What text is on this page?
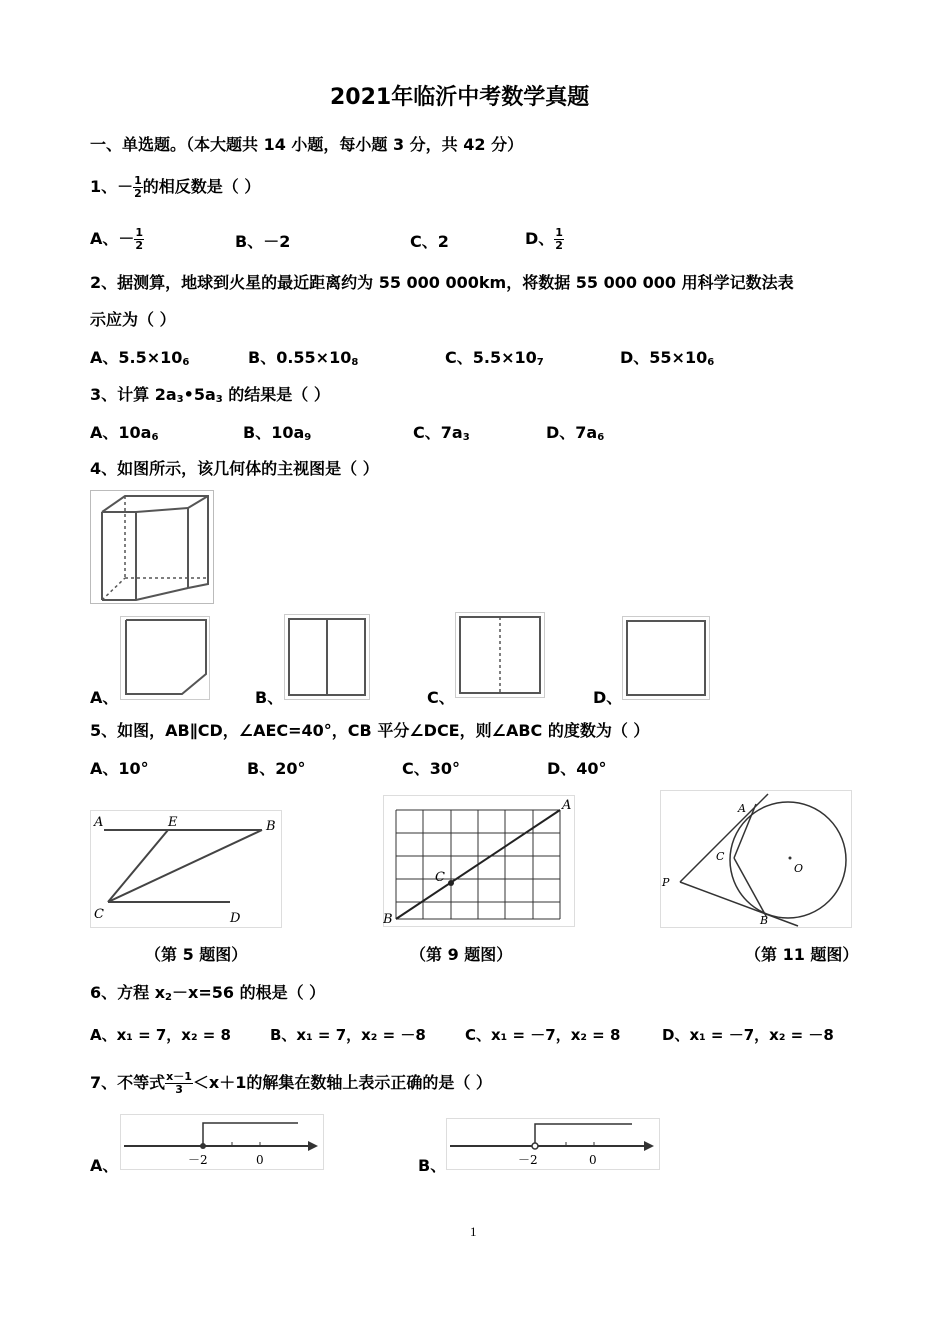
2021年临沂中考数学真题
一、单选题。（本大题共 14 小题，每小题 3 分，共 42 分）
1、－ $\frac{1}{2}$ 的相反数是（ ）
A、－ $\frac{1}{2}$	B、－2	C、2	D、 $\frac{1}{2}$
2、据测算，地球到火星的最近距离约为 55 000 000km，将数据 55 000 000 用科学记数法表
示应为（ ）
A、$5.5\times 10^6$	B、$0.55\times 10^8$	C、$5.5\times 10^7$	D、$55\times 10^6$
3、计算 $2a^3•5a^3$ 的结果是（ ）
A、$10a^6$	B、$10a^9$	C、$7a^3$	D、$7a^6$
4、如图所示，该几何体的主视图是（ ）
A、	B、	C、	D、
5、如图，AB∥CD，∠AEC=40°，CB 平分∠DCE，则∠ABC 的度数为（ ）
A、10°	B、20°	C、30°	D、40°
A	E	B
C	D
A
B
C
A
C
O
P
B
（第 5 题图）	（第 9 题图）	（第 11 题图）
6、方程 $x^2-x=56$ 的根是（ ）
A、x₁ = 7，x₂ = 8	B、x₁ = 7，x₂ = －8	C、x₁ = －7，x₂ = 8	D、x₁ = －7，x₂ = －8
7、不等式 $\frac{x-1}{3} <x+1$的解集在数轴上表示正确的是（ ）
A、	－2	0	B、	－2	0
1
